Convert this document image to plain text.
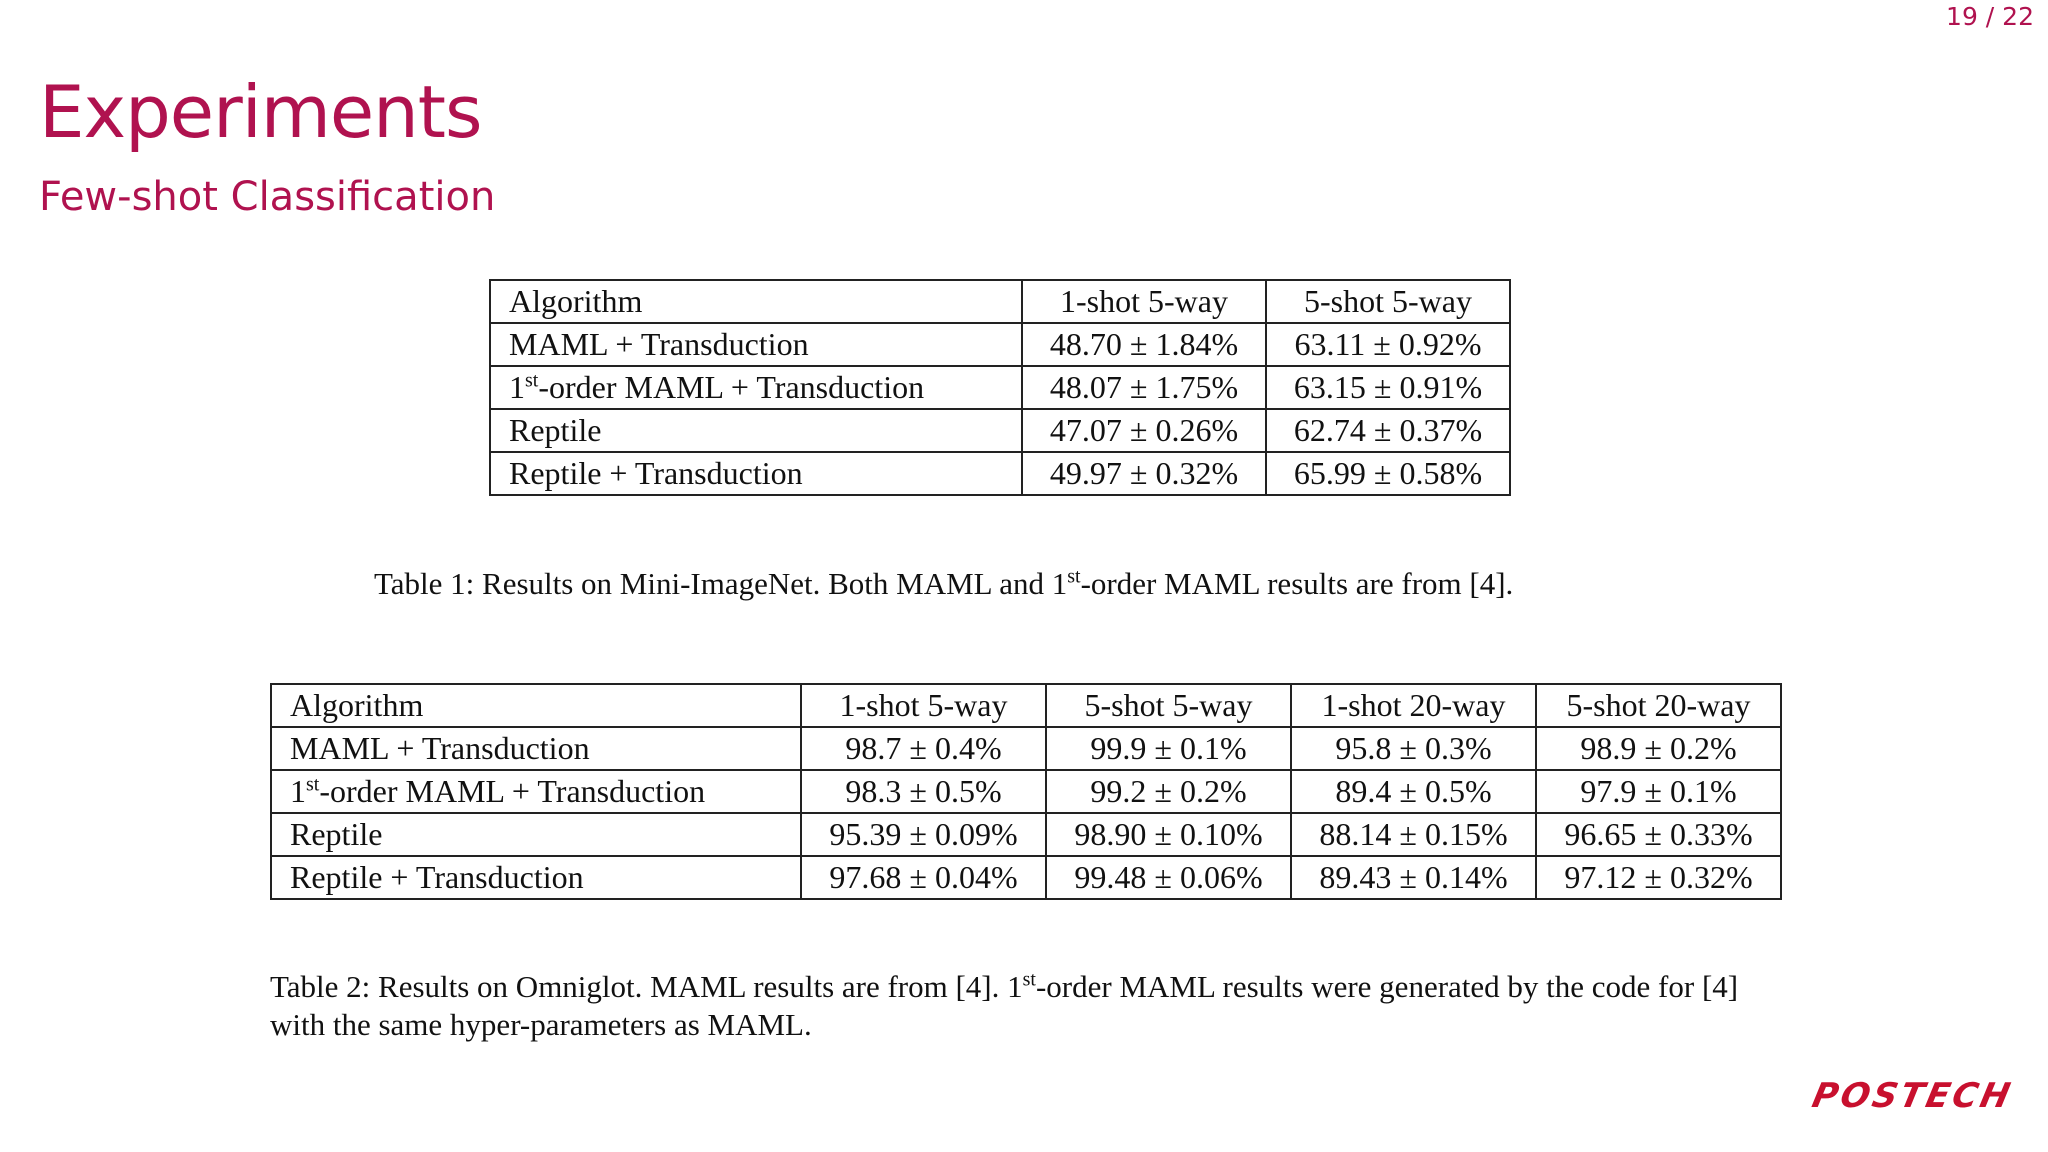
19 / 22
Experiments
Few-shot Classification
Algorithm	1-shot 5-way	5-shot 5-way
MAML + Transduction	48.70 ± 1.84%	63.11 ± 0.92%
1st-order MAML + Transduction	48.07 ± 1.75%	63.15 ± 0.91%
Reptile	47.07 ± 0.26%	62.74 ± 0.37%
Reptile + Transduction	49.97 ± 0.32%	65.99 ± 0.58%
Table 1: Results on Mini-ImageNet. Both MAML and 1st-order MAML results are from [4].
Algorithm	1-shot 5-way	5-shot 5-way	1-shot 20-way	5-shot 20-way
MAML + Transduction	98.7 ± 0.4%	99.9 ± 0.1%	95.8 ± 0.3%	98.9 ± 0.2%
1st-order MAML + Transduction	98.3 ± 0.5%	99.2 ± 0.2%	89.4 ± 0.5%	97.9 ± 0.1%
Reptile	95.39 ± 0.09%	98.90 ± 0.10%	88.14 ± 0.15%	96.65 ± 0.33%
Reptile + Transduction	97.68 ± 0.04%	99.48 ± 0.06%	89.43 ± 0.14%	97.12 ± 0.32%
Table 2: Results on Omniglot. MAML results are from [4]. 1st-order MAML results were generated by the code for [4] with the same hyper-parameters as MAML.
POSTECH
